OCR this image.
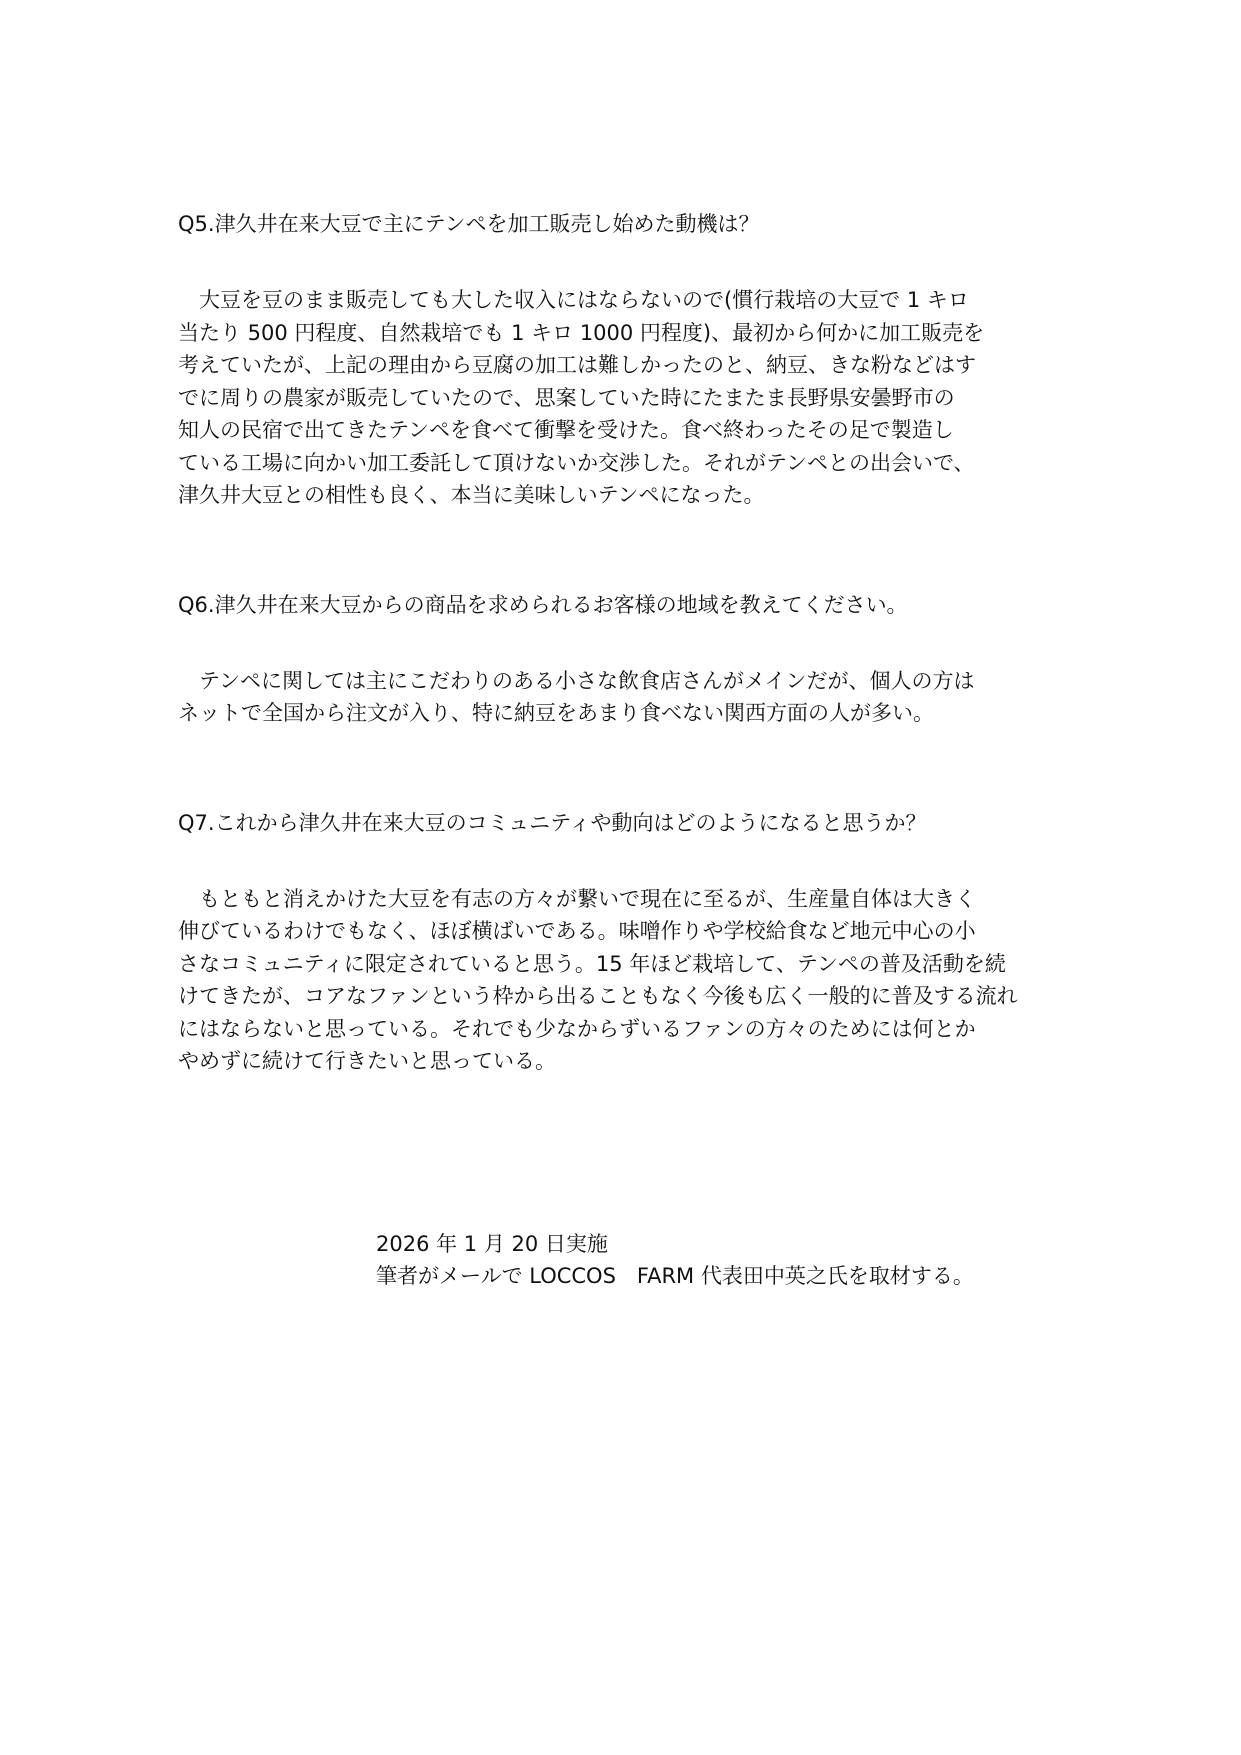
Q5.津久井在来大豆で主にテンペを加工販売し始めた動機は？

　大豆を豆のまま販売しても大した収入にはならないので(慣行栽培の大豆で 1 キロ
当たり 500 円程度、自然栽培でも 1 キロ 1000 円程度)、最初から何かに加工販売を
考えていたが、上記の理由から豆腐の加工は難しかったのと、納豆、きな粉などはす
でに周りの農家が販売していたので、思案していた時にたまたま長野県安曇野市の
知人の民宿で出てきたテンペを食べて衝撃を受けた。食べ終わったその足で製造し
ている工場に向かい加工委託して頂けないか交渉した。それがテンペとの出会いで、
津久井大豆との相性も良く、本当に美味しいテンペになった。

Q6.津久井在来大豆からの商品を求められるお客様の地域を教えてください。

　テンペに関しては主にこだわりのある小さな飲食店さんがメインだが、個人の方は
ネットで全国から注文が入り、特に納豆をあまり食べない関西方面の人が多い。

Q7.これから津久井在来大豆のコミュニティや動向はどのようになると思うか？

　もともと消えかけた大豆を有志の方々が繋いで現在に至るが、生産量自体は大きく
伸びているわけでもなく、ほぼ横ばいである。味噌作りや学校給食など地元中心の小
さなコミュニティに限定されていると思う。15 年ほど栽培して、テンペの普及活動を続
けてきたが、コアなファンという枠から出ることもなく今後も広く一般的に普及する流れ
にはならないと思っている。それでも少なからずいるファンの方々のためには何とか
やめずに続けて行きたいと思っている。
2026 年 1 月 20 日実施
筆者がメールで LOCCOS　FARM 代表田中英之氏を取材する。
